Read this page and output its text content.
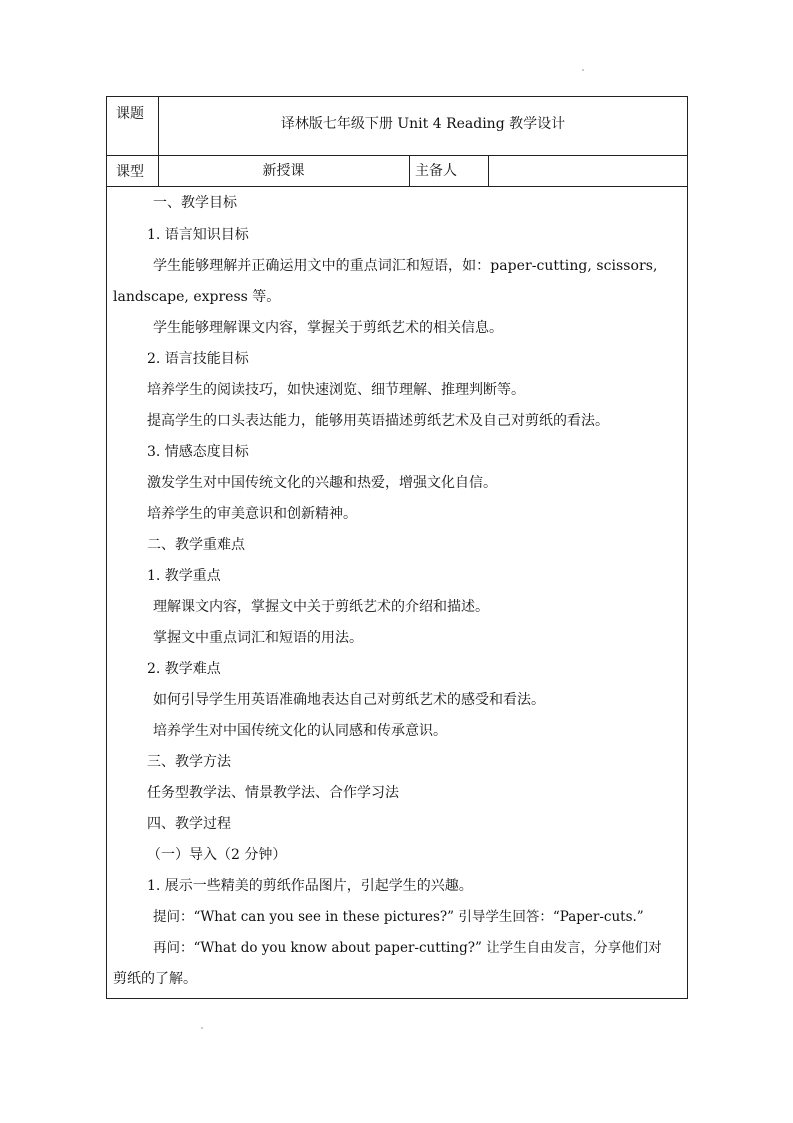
课题
译林版七年级下册 Unit 4 Reading 教学设计
课型	新授课	主备人
一、教学目标
1. 语言知识目标
学生能够理解并正确运用文中的重点词汇和短语，如：paper-cutting, scissors,
landscape, express 等。
学生能够理解课文内容，掌握关于剪纸艺术的相关信息。
2. 语言技能目标
培养学生的阅读技巧，如快速浏览、细节理解、推理判断等。
提高学生的口头表达能力，能够用英语描述剪纸艺术及自己对剪纸的看法。
3. 情感态度目标
激发学生对中国传统文化的兴趣和热爱，增强文化自信。
培养学生的审美意识和创新精神。
二、教学重难点
1. 教学重点
理解课文内容，掌握文中关于剪纸艺术的介绍和描述。
掌握文中重点词汇和短语的用法。
2. 教学难点
如何引导学生用英语准确地表达自己对剪纸艺术的感受和看法。
培养学生对中国传统文化的认同感和传承意识。
三、教学方法
任务型教学法、情景教学法、合作学习法
四、教学过程
（一）导入（2 分钟）
1. 展示一些精美的剪纸作品图片，引起学生的兴趣。
提问：“What can you see in these pictures?” 引导学生回答：“Paper-cuts.”
再问：“What do you know about paper-cutting?” 让学生自由发言，分享他们对
剪纸的了解。
